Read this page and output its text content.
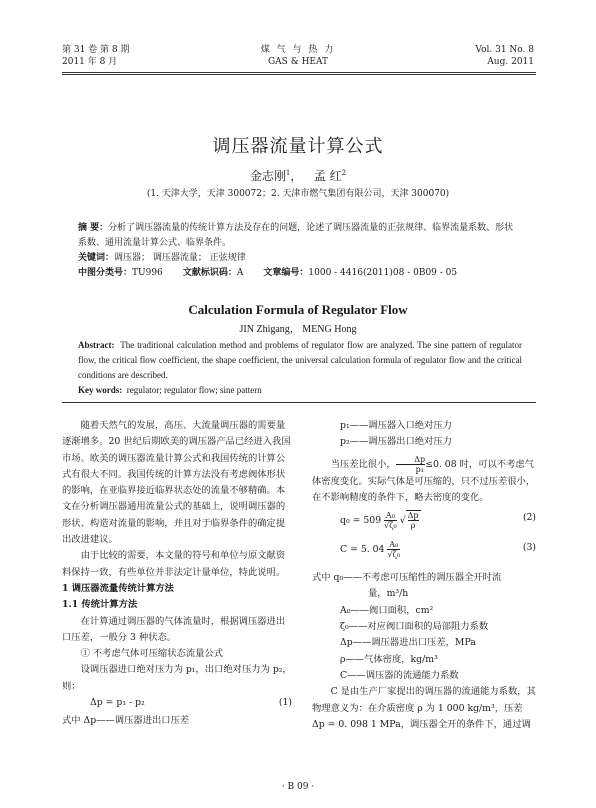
第 31 卷 第 8 期
2011 年 8 月
煤 气 与 热 力
GAS & HEAT
Vol. 31 No. 8
Aug. 2011
调压器流量计算公式
金志刚$^1$， 孟 红$^2$
(1. 天津大学，天津 300072；2. 天津市燃气集团有限公司，天津 300070)
摘 要：分析了调压器流量的传统计算方法及存在的问题，论述了调压器流量的正弦规律、临界流量系数、形状系数、通用流量计算公式、临界条件。
关键词：调压器； 调压器流量； 正弦规律
中图分类号：TU996 文献标识码：A 文章编号：1000 - 4416(2011)08 - 0B09 - 05
Calculation Formula of Regulator Flow
JIN Zhigang， MENG Hong
Abstract: The traditional calculation method and problems of regulator flow are analyzed. The sine pattern of regulator flow, the critical flow coefficient, the shape coefficient, the universal calculation formula of regulator flow and the critical conditions are described.
Key words: regulator; regulator flow; sine pattern

随着天然气的发展，高压、大流量调压器的需要量逐渐增多。20 世纪后期欧美的调压器产品已经进入我国市场。欧美的调压器流量计算公式和我国传统的计算公式有很大不同。我国传统的计算方法没有考虑阀体形状的影响，在亚临界接近临界状态处的流量不够精确。本文在分析调压器通用流量公式的基础上，说明调压器的形状、构造对流量的影响，并且对于临界条件的确定提出改进建议。

由于比较的需要，本文量的符号和单位与原文献资料保持一致，有些单位并非法定计量单位，特此说明。

1 调压器流量传统计算方法

1.1 传统计算方法

在计算通过调压器的气体流量时，根据调压器进出口压差，一般分 3 种状态。

① 不考虑气体可压缩状态流量公式

设调压器进口绝对压力为 p₁，出口绝对压力为 p₂，则：

Δp = p₁ - p₂	(1)

式中 Δp——调压器进出口压差

p₁——调压器入口绝对压力

p₂——调压器出口绝对压力

当压差比很小， $\frac{\Delta p}{\text{p₁}} \le 0$. 08 时，可以不考虑气体密度变化。实际气体是可压缩的，只不过压差很小，在不影响精度的条件下，略去密度的变化。

$q_0 = 509 \frac{\text{A₀}}{\text{√ζ₀}}$ √ $\frac{\Delta p}{\rho}$	(2)
C = 5. $04 \frac{\text{A₀}}{\text{√ζ₀}}$	(3)

式中 q₀——不考虑可压缩性的调压器全开时流

量，m³/h

A₀——阀口面积，cm²

ζ₀——对应阀口面积的局部阻力系数

Δp——调压器进出口压差，MPa

ρ——气体密度，kg/m³

C——调压器的流通能力系数

C 是由生产厂家提出的调压器的流通能力系数，其物理意义为：在介质密度 ρ 为 1 000 kg/m³，压差 Δp = 0. 098 1 MPa，调压器全开的条件下，通过调

· B 09 ·
